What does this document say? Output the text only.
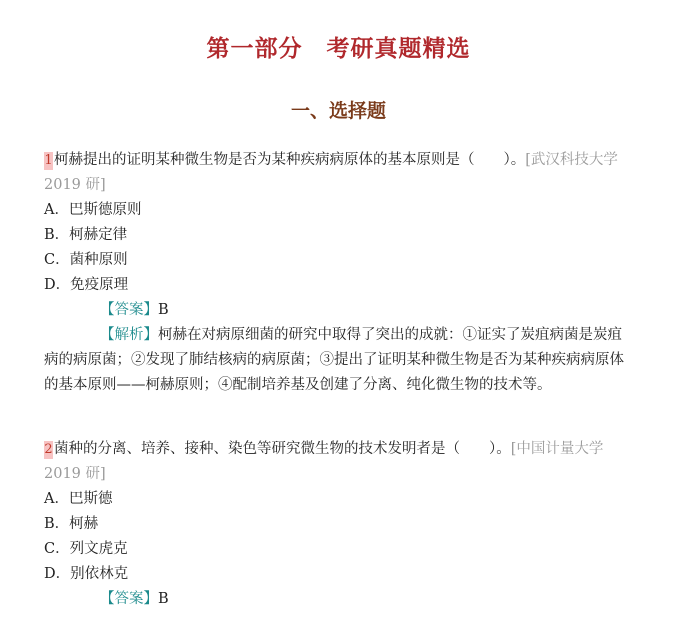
第一部分　考研真题精选
一、选择题
1柯赫提出的证明某种微生物是否为某种疾病病原体的基本原则是（　　）。[武汉科技大学 2019 研]
A．巴斯德原则
B．柯赫定律
C．菌种原则
D．免疫原理
【答案】B
【解析】柯赫在对病原细菌的研究中取得了突出的成就：①证实了炭疽病菌是炭疽病的病原菌；②发现了肺结核病的病原菌；③提出了证明某种微生物是否为某种疾病病原体的基本原则——柯赫原则；④配制培养基及创建了分离、纯化微生物的技术等。
2菌种的分离、培养、接种、染色等研究微生物的技术发明者是（　　）。[中国计量大学 2019 研]
A．巴斯德
B．柯赫
C．列文虎克
D．别依林克
【答案】B
